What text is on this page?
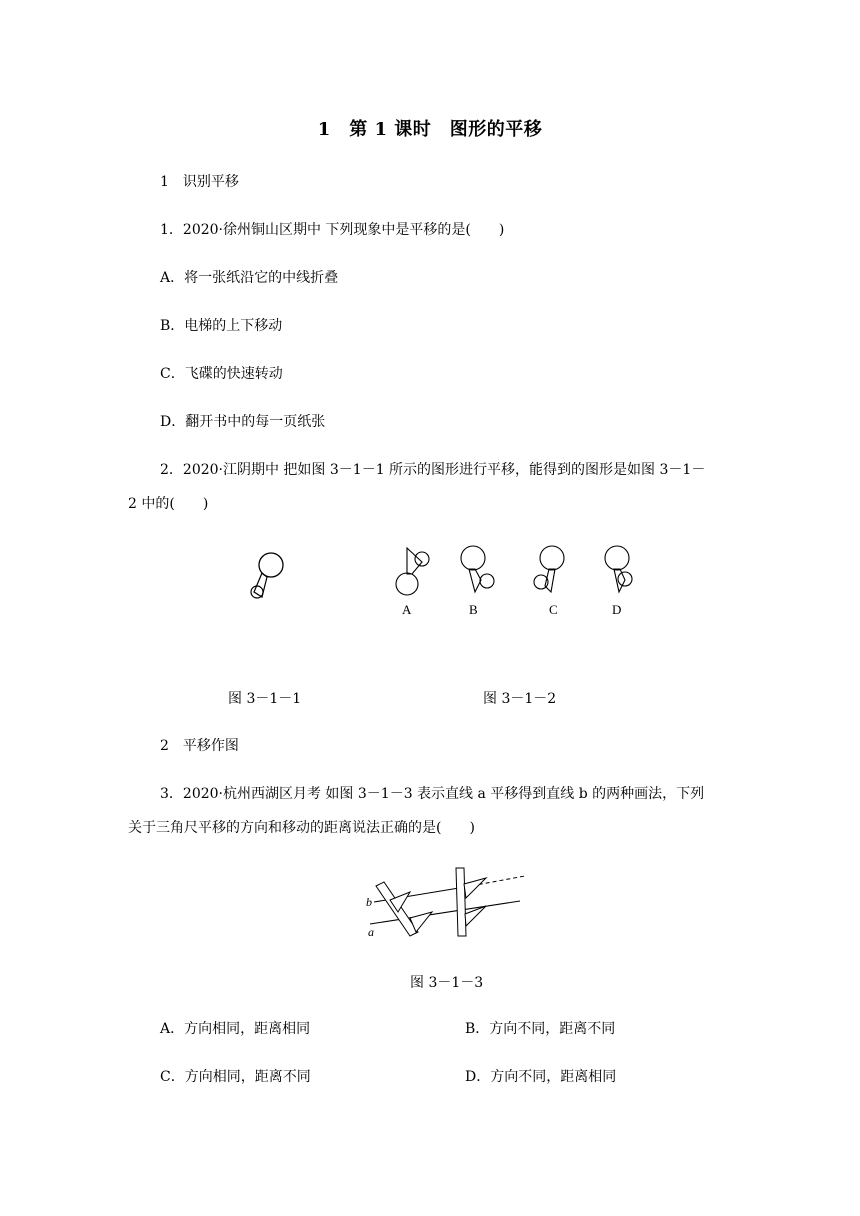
1　第 1 课时　图形的平移
1　识别平移
1．2020·徐州铜山区期中 下列现象中是平移的是(　　)
A．将一张纸沿它的中线折叠
B．电梯的上下移动
C．飞碟的快速转动
D．翻开书中的每一页纸张
2．2020·江阴期中 把如图 3－1－1 所示的图形进行平移，能得到的图形是如图 3－1－
2 中的(　　)
A	B	C	D
图 3－1－1	图 3－1－2
2　平移作图
3．2020·杭州西湖区月考 如图 3－1－3 表示直线 a 平移得到直线 b 的两种画法，下列
关于三角尺平移的方向和移动的距离说法正确的是(　　)
b
a
图 3－1－3
A．方向相同，距离相同	B．方向不同，距离不同
C．方向相同，距离不同	D．方向不同，距离相同
